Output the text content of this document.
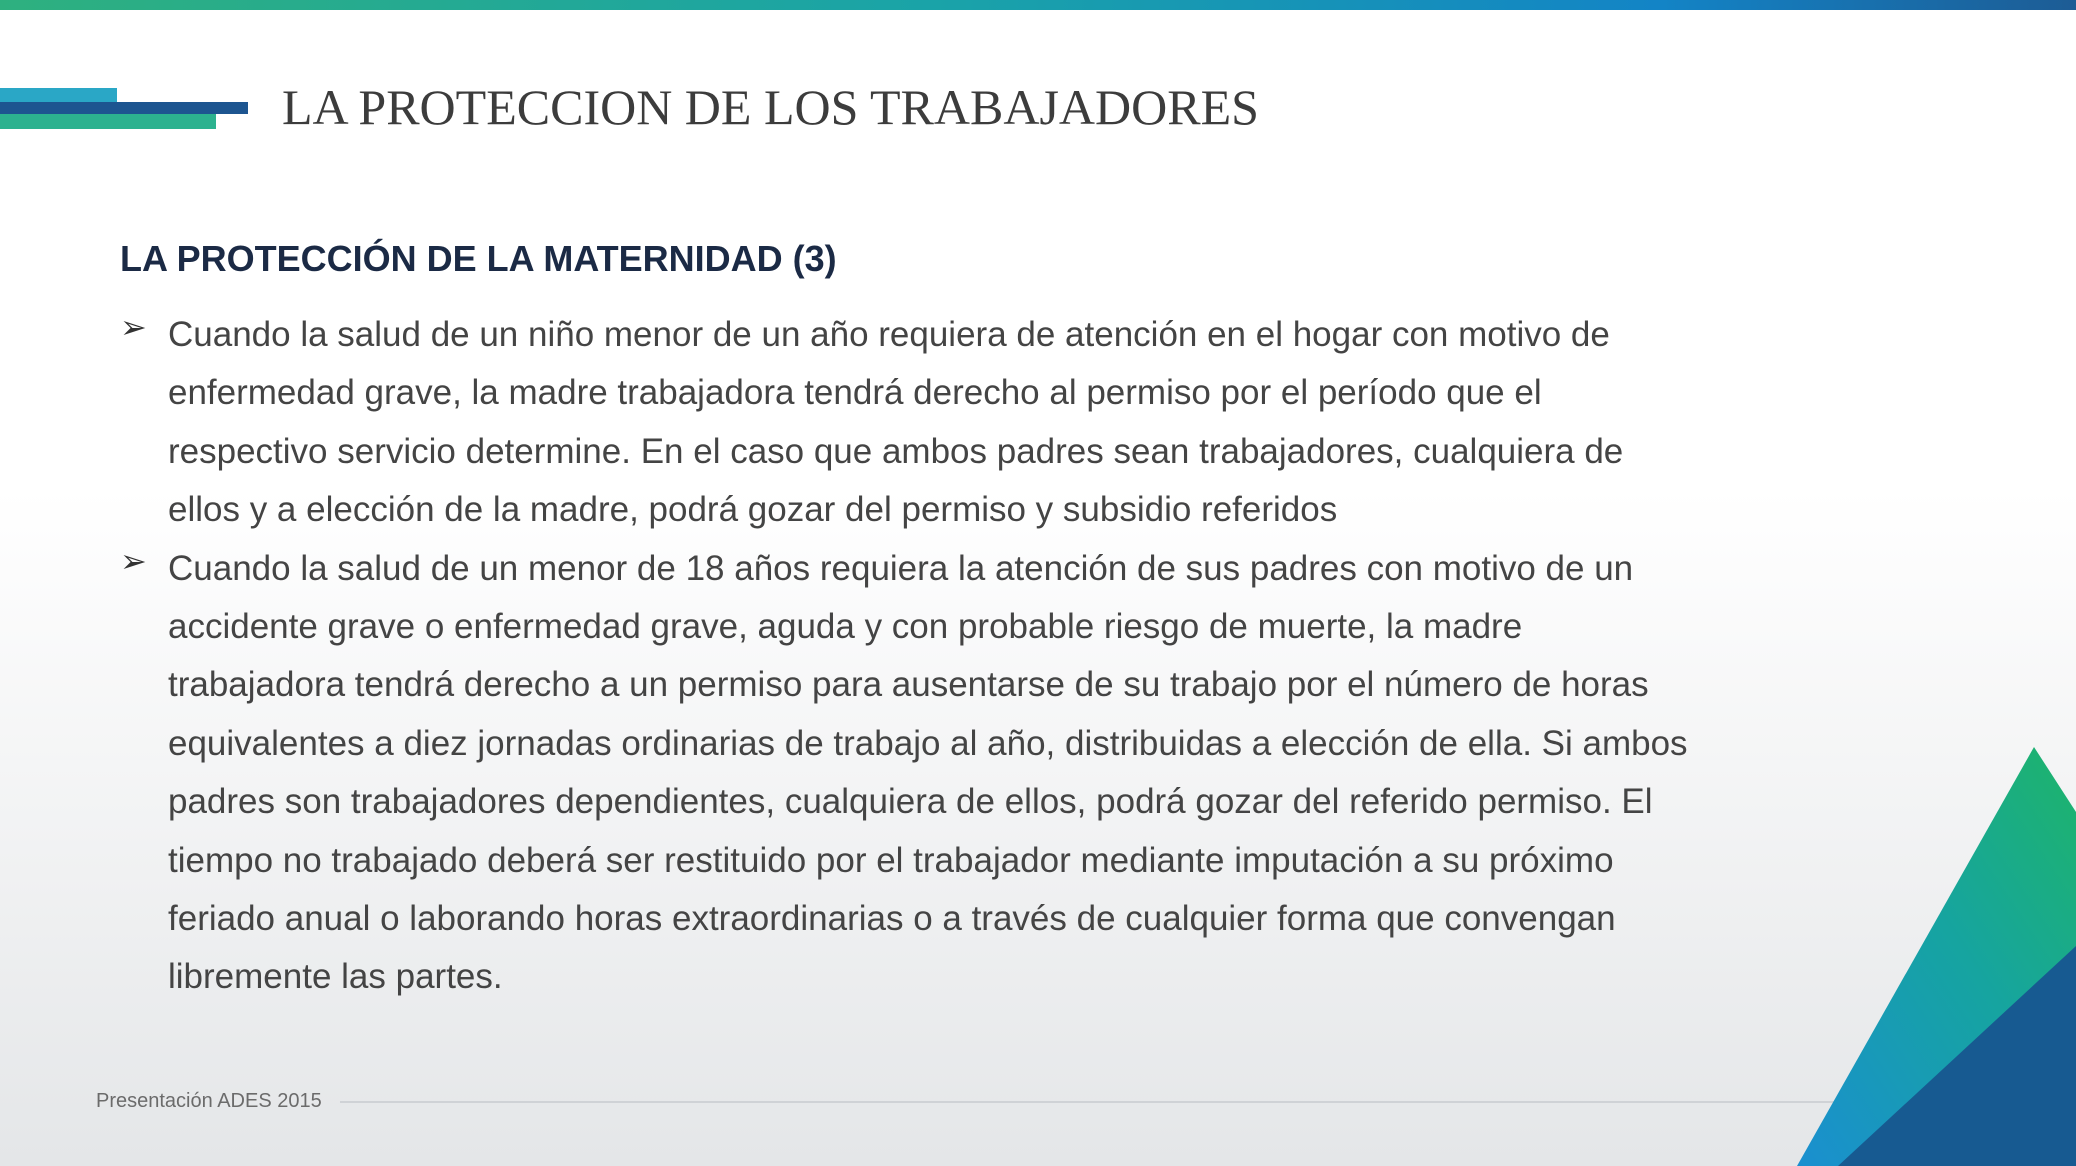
LA PROTECCION DE LOS TRABAJADORES
LA PROTECCIÓN DE LA MATERNIDAD (3)
➢ Cuando la salud de un niño menor de un año requiera de atención en el hogar con motivo de
enfermedad grave, la madre trabajadora tendrá derecho al permiso por el período que el
respectivo servicio determine. En el caso que ambos padres sean trabajadores, cualquiera de
ellos y a elección de la madre, podrá gozar del permiso y subsidio referidos
➢ Cuando la salud de un menor de 18 años requiera la atención de sus padres con motivo de un
accidente grave o enfermedad grave, aguda y con probable riesgo de muerte, la madre
trabajadora tendrá derecho a un permiso para ausentarse de su trabajo por el número de horas
equivalentes a diez jornadas ordinarias de trabajo al año, distribuidas a elección de ella. Si ambos
padres son trabajadores dependientes, cualquiera de ellos, podrá gozar del referido permiso. El
tiempo no trabajado deberá ser restituido por el trabajador mediante imputación a su próximo
feriado anual o laborando horas extraordinarias o a través de cualquier forma que convengan
libremente las partes.
Presentación ADES 2015
